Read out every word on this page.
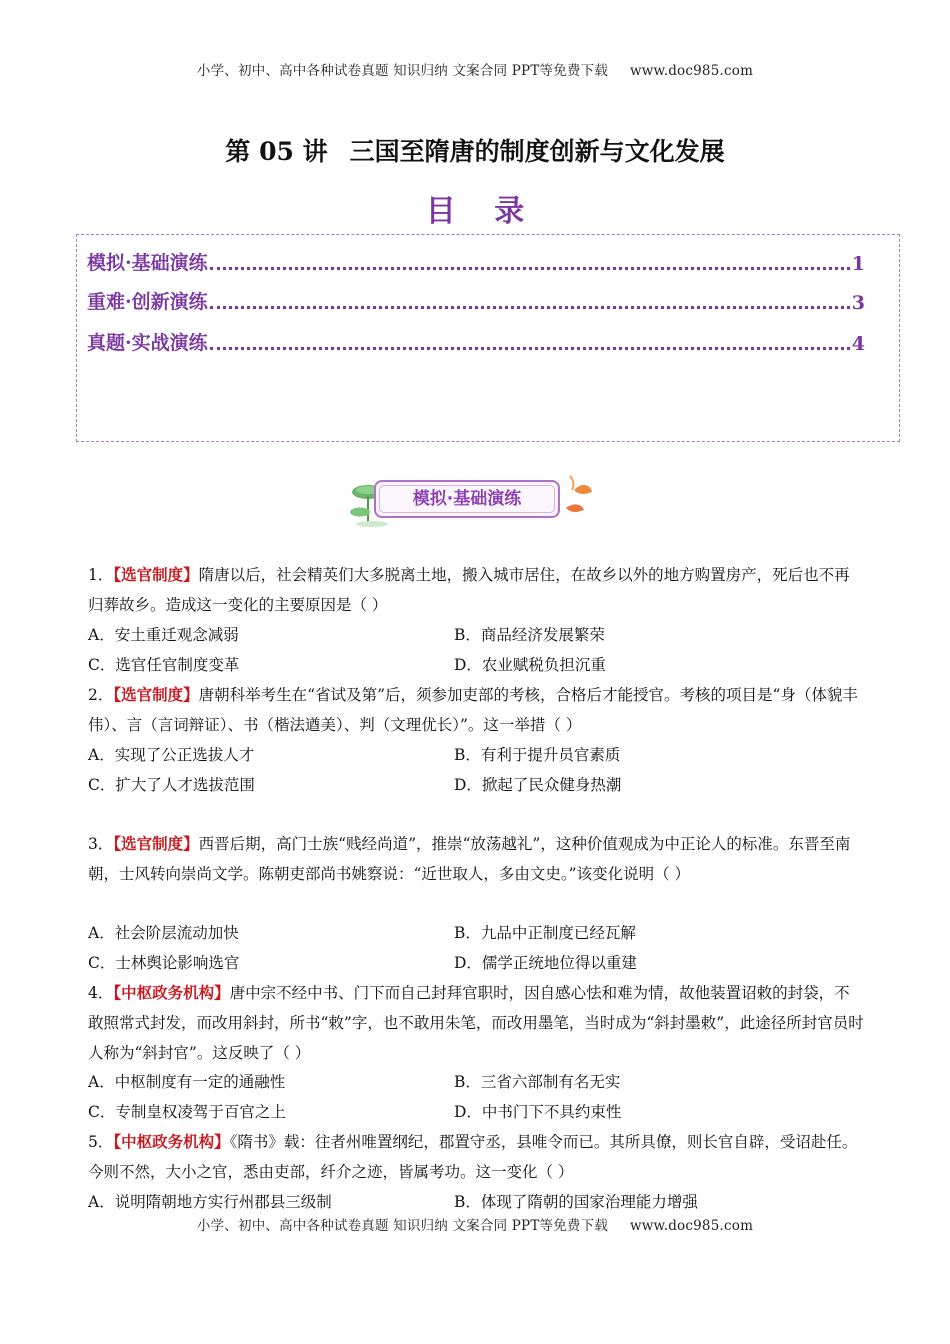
小学、初中、高中各种试卷真题 知识归纳 文案合同 PPT等免费下载 www.doc985.com
第 05 讲 三国至隋唐的制度创新与文化发展
目 录
模拟·基础演练	1
重难·创新演练	3
真题·实战演练	4
模拟·基础演练
1．【选官制度】隋唐以后，社会精英们大多脱离土地，搬入城市居住，在故乡以外的地方购置房产，死后也不再归葬故乡。造成这一变化的主要原因是（ ）
A．安土重迁观念减弱	B．商品经济发展繁荣
C．选官任官制度变革	D．农业赋税负担沉重
2．【选官制度】唐朝科举考生在“省试及第”后，须参加吏部的考核，合格后才能授官。考核的项目是“身（体貌丰伟）、言（言词辩证）、书（楷法遒美）、判（文理优长）”。这一举措（ ）
A．实现了公正选拔人才	B．有利于提升员官素质
C．扩大了人才选拔范围	D．掀起了民众健身热潮
3．【选官制度】西晋后期，高门士族“贱经尚道”，推崇“放荡越礼”，这种价值观成为中正论人的标准。东晋至南朝，士风转向崇尚文学。陈朝吏部尚书姚察说：“近世取人，多由文史。”该变化说明（ ）
A．社会阶层流动加快	B．九品中正制度已经瓦解
C．士林舆论影响选官	D．儒学正统地位得以重建
4．【中枢政务机构】唐中宗不经中书、门下而自己封拜官职时，因自感心怯和难为情，故他装置诏敕的封袋，不敢照常式封发，而改用斜封，所书“敕”字，也不敢用朱笔，而改用墨笔，当时成为“斜封墨敕”，此途径所封官员时人称为“斜封官”。这反映了（ ）
A．中枢制度有一定的通融性	B．三省六部制有名无实
C．专制皇权凌驾于百官之上	D．中书门下不具约束性
5．【中枢政务机构】《隋书》载：往者州唯置纲纪，郡置守丞，县唯令而已。其所具僚，则长官自辟，受诏赴任。今则不然，大小之官，悉由吏部，纤介之迹，皆属考功。这一变化（ ）
A．说明隋朝地方实行州郡县三级制	B．体现了隋朝的国家治理能力增强
小学、初中、高中各种试卷真题 知识归纳 文案合同 PPT等免费下载 www.doc985.com
